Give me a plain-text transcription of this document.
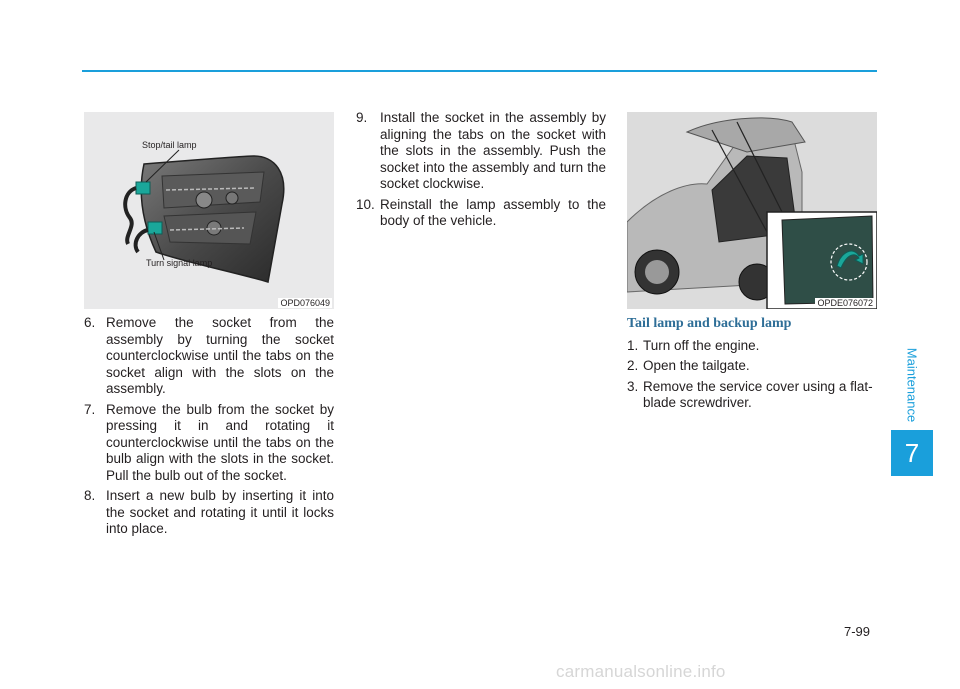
Stop/tail lamp
Turn signal lamp
OPD076049	OPDE076072
6. Remove the socket from the assembly by turning the socket counterclockwise until the tabs on the socket align with the slots on the assembly.
7. Remove the bulb from the socket by pressing it in and rotating it counterclockwise until the tabs on the bulb align with the slots in the socket. Pull the bulb out of the socket.
8. Insert a new bulb by inserting it into the socket and rotating it until it locks into place.
9. Install the socket in the assembly by aligning the tabs on the socket with the slots in the assembly. Push the socket into the assembly and turn the socket clockwise.
10. Reinstall the lamp assembly to the body of the vehicle.
Tail lamp and backup lamp
1. Turn off the engine.
2. Open the tailgate.
3. Remove the service cover using a flat-blade screwdriver.	Maintenance
7
7-99
carmanualsonline.info
